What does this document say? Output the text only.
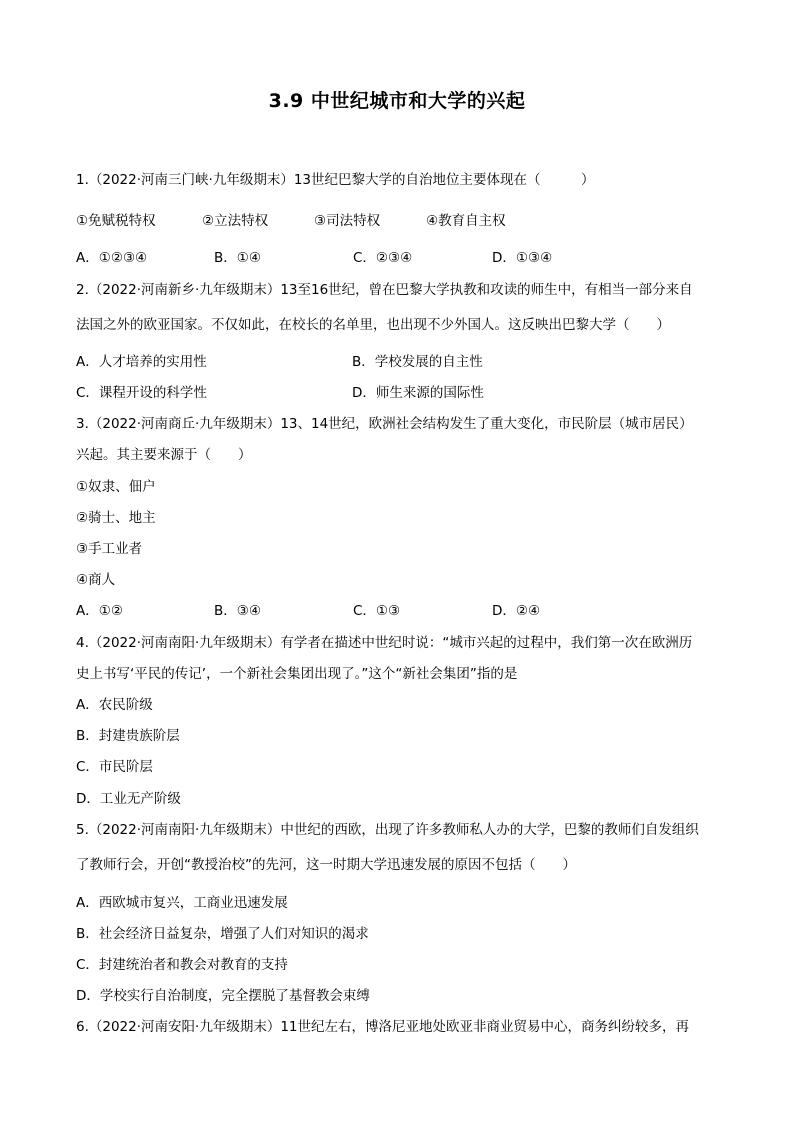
3.9 中世纪城市和大学的兴起
1.（2022·河南三门峡·九年级期末）13世纪巴黎大学的自治地位主要体现在（　　　）
①免赋税特权	②立法特权	③司法特权	④教育自主权
A．①②③④	B．①④	C．②③④	D．①③④
2.（2022·河南新乡·九年级期末）13至16世纪，曾在巴黎大学执教和攻读的师生中，有相当一部分来自
法国之外的欧亚国家。不仅如此，在校长的名单里，也出现不少外国人。这反映出巴黎大学（　　）
A．人才培养的实用性	B．学校发展的自主性
C．课程开设的科学性	D．师生来源的国际性
3.（2022·河南商丘·九年级期末）13、14世纪，欧洲社会结构发生了重大变化，市民阶层（城市居民）
兴起。其主要来源于（　　）
①奴隶、佃户
②骑士、地主
③手工业者
④商人
A．①②	B．③④	C．①③	D．②④
4.（2022·河南南阳·九年级期末）有学者在描述中世纪时说：“城市兴起的过程中，我们第一次在欧洲历
史上书写‘平民的传记’，一个新社会集团出现了。”这个“新社会集团”指的是
A．农民阶级
B．封建贵族阶层
C．市民阶层
D．工业无产阶级
5.（2022·河南南阳·九年级期末）中世纪的西欧，出现了许多教师私人办的大学，巴黎的教师们自发组织
了教师行会，开创“教授治校”的先河，这一时期大学迅速发展的原因不包括（　　）
A．西欧城市复兴，工商业迅速发展
B．社会经济日益复杂，增强了人们对知识的渴求
C．封建统治者和教会对教育的支持
D．学校实行自治制度，完全摆脱了基督教会束缚
6.（2022·河南安阳·九年级期末）11世纪左右，博洛尼亚地处欧亚非商业贸易中心，商务纠纷较多，再
